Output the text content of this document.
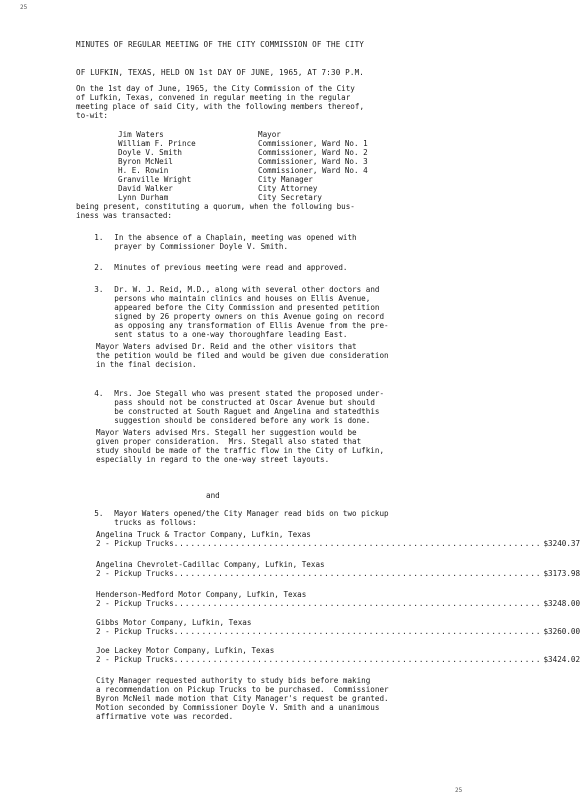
25
25

MINUTES OF REGULAR MEETING OF THE CITY COMMISSION OF THE CITY

OF LUFKIN, TEXAS, HELD ON 1st DAY OF JUNE, 1965, AT 7:30 P.M.

On the 1st day of June, 1965, the City Commission of the City
of Lufkin, Texas, convened in regular meeting in the regular
meeting place of said City, with the following members thereof,
to-wit:
Jim Waters	Mayor
William F. Prince	Commissioner, Ward No. 1
Doyle V. Smith	Commissioner, Ward No. 2
Byron McNeil	Commissioner, Ward No. 3
H. E. Rowin	Commissioner, Ward No. 4
Granville Wright	City Manager
David Walker	City Attorney
Lynn Durham	City Secretary
being present, constituting a quorum, when the following bus-
iness was transacted:

1. In the absence of a Chaplain, meeting was opened with
prayer by Commissioner Doyle V. Smith.

2. Minutes of previous meeting were read and approved.

3. Dr. W. J. Reid, M.D., along with several other doctors and
persons who maintain clinics and houses on Ellis Avenue,
appeared before the City Commission and presented petition
signed by 26 property owners on this Avenue going on record
as opposing any transformation of Ellis Avenue from the pre-
sent status to a one-way thoroughfare leading East.

Mayor Waters advised Dr. Reid and the other visitors that
the petition would be filed and would be given due consideration
in the final decision.

4. Mrs. Joe Stegall who was present stated the proposed under-
pass should not be constructed at Oscar Avenue but should
be constructed at South Raguet and Angelina and statedthis
suggestion should be considered before any work is done.

Mayor Waters advised Mrs. Stegall her suggestion would be
given proper consideration.  Mrs. Stegall also stated that
study should be made of the traffic flow in the City of Lufkin,
especially in regard to the one-way street layouts.
and

5. Mayor Waters opened/the City Manager read bids on two pickup
trucks as follows:

Angelina Truck & Tractor Company, Lufkin, Texas
2 - Pickup Trucks .................................................................. $3240.37
Angelina Chevrolet-Cadillac Company, Lufkin, Texas
2 - Pickup Trucks .................................................................. $3173.98
Henderson-Medford Motor Company, Lufkin, Texas
2 - Pickup Trucks .................................................................. $3248.00
Gibbs Motor Company, Lufkin, Texas
2 - Pickup Trucks .................................................................. $3260.00
Joe Lackey Motor Company, Lufkin, Texas
2 - Pickup Trucks .................................................................. $3424.02
City Manager requested authority to study bids before making
a recommendation on Pickup Trucks to be purchased.  Commissioner
Byron McNeil made motion that City Manager's request be granted.
Motion seconded by Commissioner Doyle V. Smith and a unanimous
affirmative vote was recorded.
